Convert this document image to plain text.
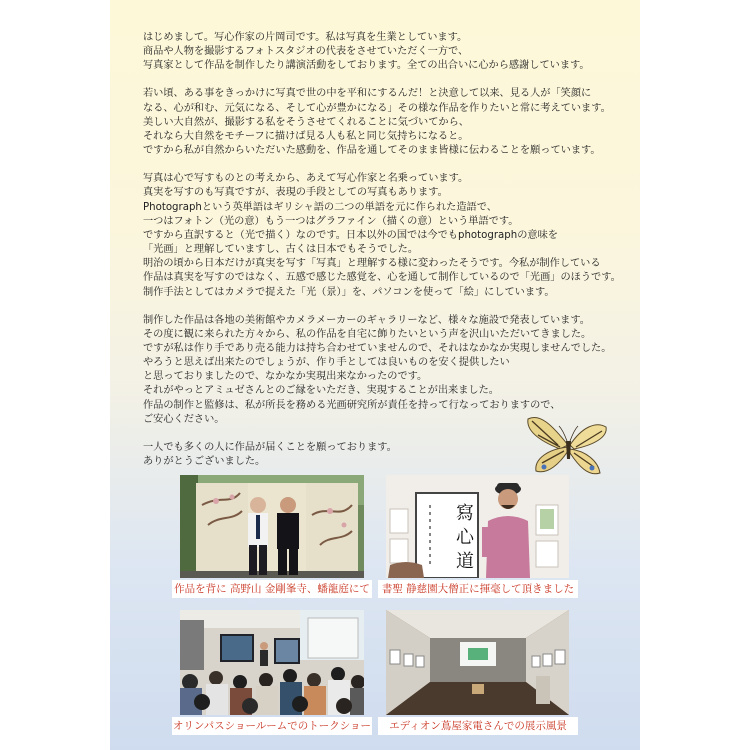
はじめまして。写心作家の片岡司です。私は写真を生業としています。
商品や人物を撮影するフォトスタジオの代表をさせていただく一方で、
写真家として作品を制作したり講演活動をしております。全ての出合いに心から感謝しています。

若い頃、ある事をきっかけに写真で世の中を平和にするんだ！と決意して以来、見る人が「笑顔に
なる、心が和む、元気になる、そして心が豊かになる」その様な作品を作りたいと常に考えています。
美しい大自然が、撮影する私をそうさせてくれることに気づいてから、
それなら大自然をモチーフに描けば見る人も私と同じ気持ちになると。
ですから私が自然からいただいた感動を、作品を通してそのまま皆様に伝わることを願っています。

写真は心で写すものとの考えから、あえて写心作家と名乗っています。
真実を写すのも写真ですが、表現の手段としての写真もあります。
Photographという英単語はギリシャ語の二つの単語を元に作られた造語で、
一つはフォトン（光の意）もう一つはグラファイン（描くの意）という単語です。
ですから直訳すると（光で描く）なのです。日本以外の国では今でもphotographの意味を
「光画」と理解していますし、古くは日本でもそうでした。
明治の頃から日本だけが真実を写す「写真」と理解する様に変わったそうです。今私が制作している
作品は真実を写すのではなく、五感で感じた感覚を、心を通して制作しているので「光画」のほうです。
制作手法としてはカメラで捉えた「光（景）」を、パソコンを使って「絵」にしています。

制作した作品は各地の美術館やカメラメーカーのギャラリーなど、様々な施設で発表しています。
その度に観に来られた方々から、私の作品を自宅に飾りたいという声を沢山いただいてきました。
ですが私は作り手であり売る能力は持ち合わせていませんので、それはなかなか実現しませんでした。
やろうと思えば出来たのでしょうが、作り手としては良いものを安く提供したい
と思っておりましたので、なかなか実現出来なかったのです。
それがやっとアミュゼさんとのご縁をいただき、実現することが出来ました。
作品の制作と監修は、私が所長を務める光画研究所が責任を持って行なっておりますので、
ご安心ください。

一人でも多くの人に作品が届くことを願っております。
ありがとうございました。

作品を背に 高野山 金剛峯寺、蟠龍庭にて
寫
心
道
書聖 静慈園大僧正に揮毫して頂きました
オリンパスショールームでのトークショー	エディオン蔦屋家電さんでの展示風景
